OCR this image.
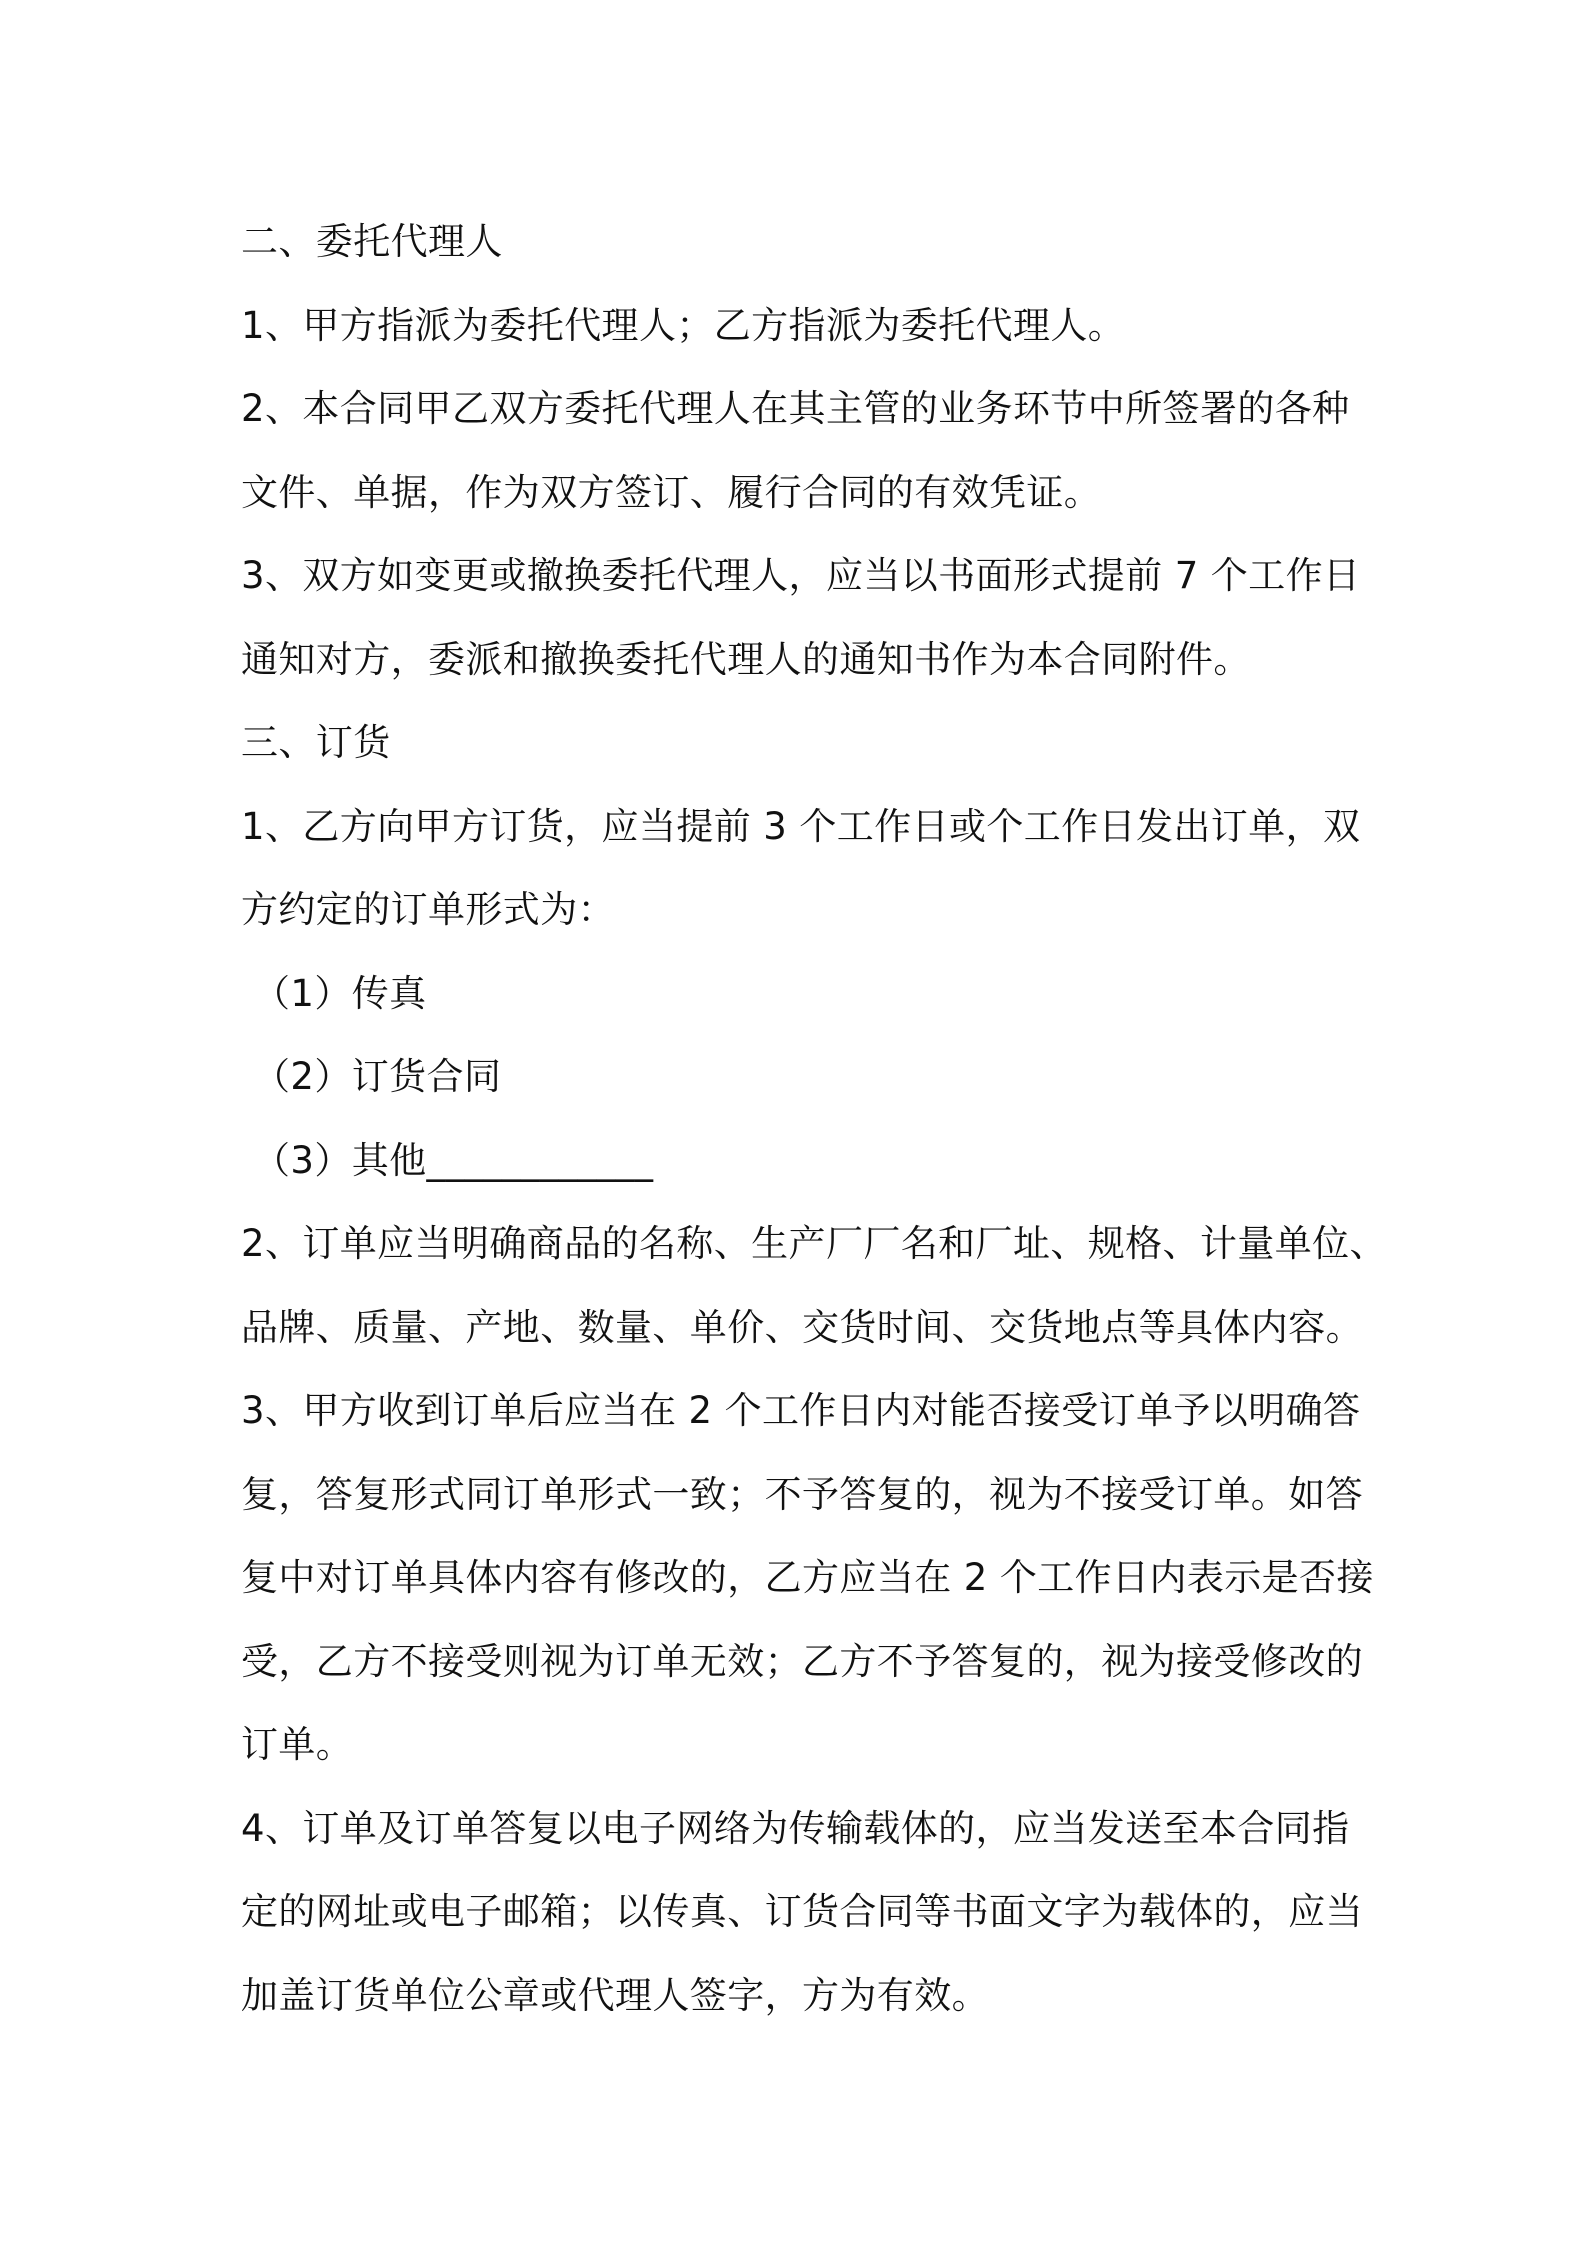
二、委托代理人
1、甲方指派为委托代理人；乙方指派为委托代理人。
2、本合同甲乙双方委托代理人在其主管的业务环节中所签署的各种
文件、单据，作为双方签订、履行合同的有效凭证。
3、双方如变更或撤换委托代理人，应当以书面形式提前 7 个工作日
通知对方，委派和撤换委托代理人的通知书作为本合同附件。
三、订货
1、乙方向甲方订货，应当提前 3 个工作日或个工作日发出订单，双
方约定的订单形式为：
（1）传真
（2）订货合同
（3）其他____________
2、订单应当明确商品的名称、生产厂厂名和厂址、规格、计量单位、
品牌、质量、产地、数量、单价、交货时间、交货地点等具体内容。
3、甲方收到订单后应当在 2 个工作日内对能否接受订单予以明确答
复，答复形式同订单形式一致；不予答复的，视为不接受订单。如答
复中对订单具体内容有修改的，乙方应当在 2 个工作日内表示是否接
受，乙方不接受则视为订单无效；乙方不予答复的，视为接受修改的
订单。
4、订单及订单答复以电子网络为传输载体的，应当发送至本合同指
定的网址或电子邮箱；以传真、订货合同等书面文字为载体的，应当
加盖订货单位公章或代理人签字，方为有效。
